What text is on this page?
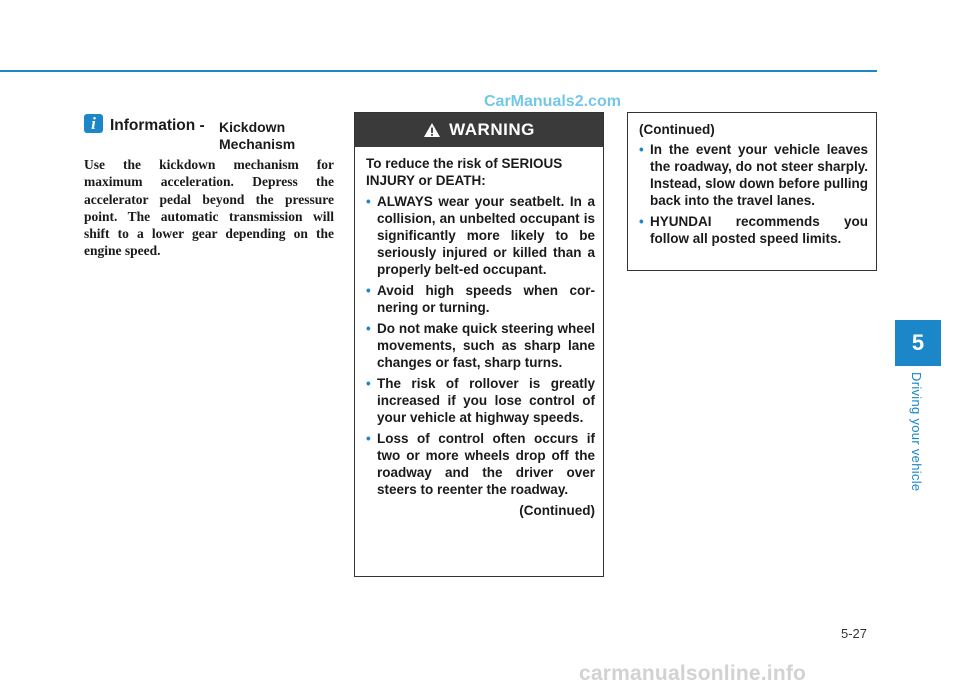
CarManuals2.com
i Information - Kickdown Mechanism

Use the kickdown mechanism for maximum acceleration. Depress the accelerator pedal beyond the pressure point. The automatic transmission will shift to a lower gear depending on the engine speed.

WARNING

To reduce the risk of SERIOUS INJURY or DEATH:

• ALWAYS wear your seatbelt. In a collision, an unbelted occupant is significantly more likely to be seriously injured or killed than a properly belt-ed occupant.
• Avoid high speeds when cor-nering or turning.
• Do not make quick steering wheel movements, such as sharp lane changes or fast, sharp turns.
• The risk of rollover is greatly increased if you lose control of your vehicle at highway speeds.
• Loss of control often occurs if two or more wheels drop off the roadway and the driver over steers to reenter the roadway.
(Continued)

(Continued)

• In the event your vehicle leaves the roadway, do not steer sharply. Instead, slow down before pulling back into the travel lanes.
• HYUNDAI recommends you follow all posted speed limits.
5
Driving your vehicle
5-27
carmanualsonline.info
